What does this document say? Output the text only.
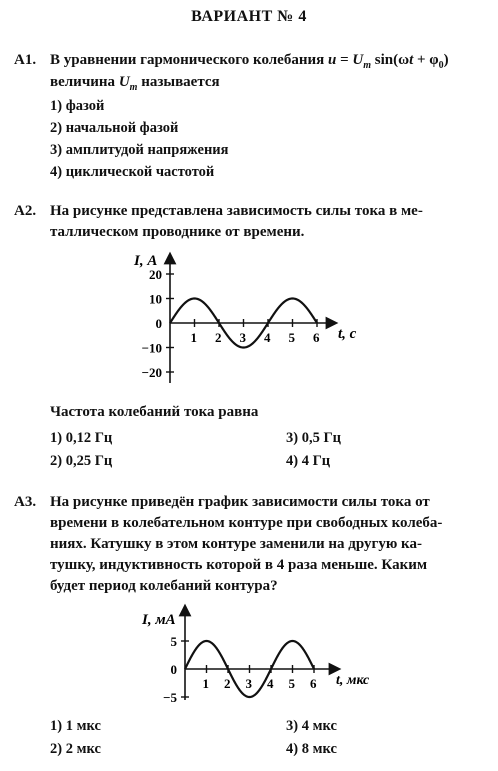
ВАРИАНТ № 4
А1. В уравнении гармонического колебания $u = U_m$ $\sin(\omega t + \varphi_0)$
величина $U_m$ называется
1) фазой
2) начальной фазой
3) амплитудой напряжения
4) циклической частотой
А2. На рисунке представлена зависимость силы тока в ме-
таллическом проводнике от времени.
I, А
t, с
1 2 3 4 5 6
20
10
0
−10
−20
Частота колебаний тока равна
1) 0,12 Гц	3) 0,5 Гц
2) 0,25 Гц	4) 4 Гц
А3. На рисунке приведён график зависимости силы тока от
времени в колебательном контуре при свободных колеба-
ниях. Катушку в этом контуре заменили на другую ка-
тушку, индуктивность которой в 4 раза меньше. Каким
будет период колебаний контура?
I, мА
t, мкс
1 2 3 4 5 6
5
0
−5
1) 1 мкс	3) 4 мкс
2) 2 мкс	4) 8 мкс
